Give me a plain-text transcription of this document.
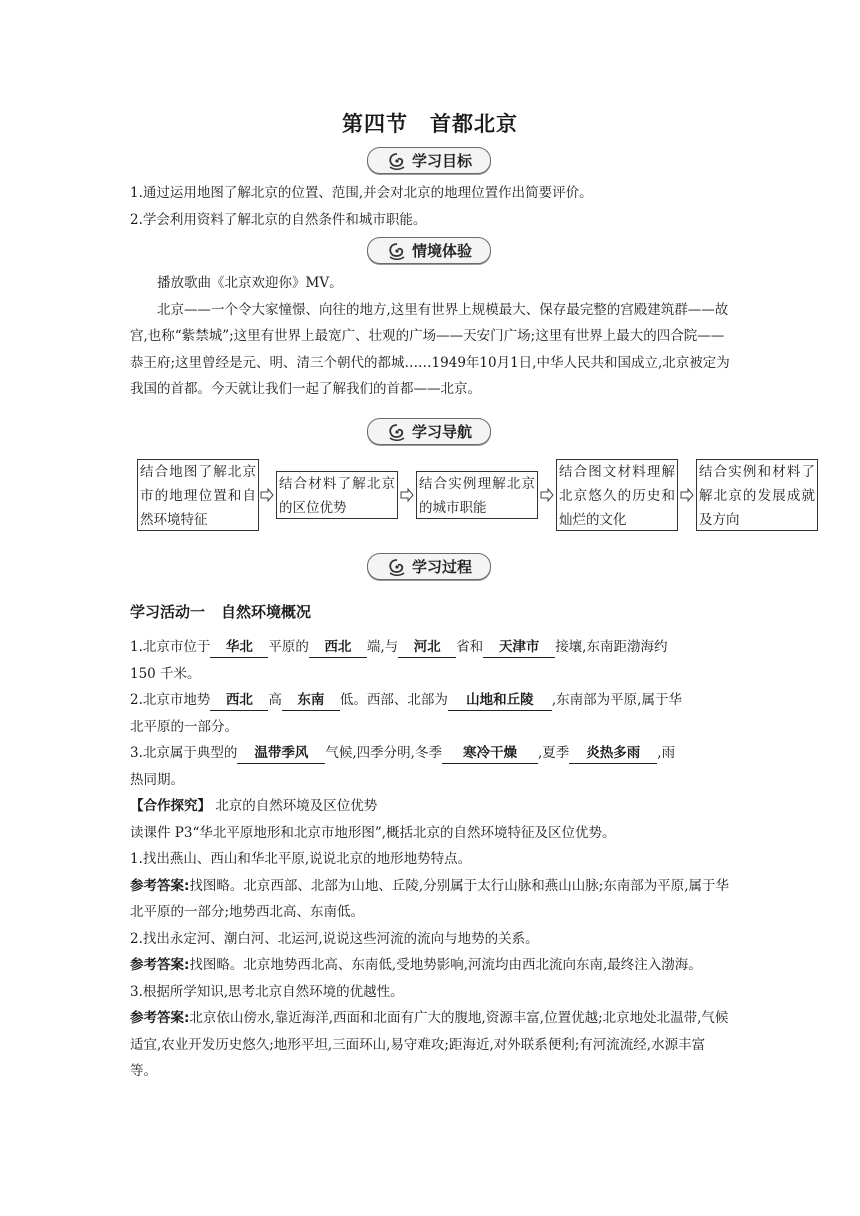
第四节 首都北京
学习目标

1.通过运用地图了解北京的位置、范围,并会对北京的地理位置作出简要评价。

2.学会利用资料了解北京的自然条件和城市职能。

情境体验

播放歌曲《北京欢迎你》MV。

北京——一个令大家憧憬、向往的地方,这里有世界上规模最大、保存最完整的宫殿建筑群——故宫,也称“紫禁城”;这里有世界上最宽广、壮观的广场——天安门广场;这里有世界上最大的四合院——恭王府;这里曾经是元、明、清三个朝代的都城……1949年10月1日,中华人民共和国成立,北京被定为我国的首都。今天就让我们一起了解我们的首都——北京。

学习导航
结合地图了解北京市的地理位置和自然环境特征
结合材料了解北京的区位优势
结合实例理解北京的城市职能
结合图文材料理解北京悠久的历史和灿烂的文化
结合实例和材料了解北京的发展成就及方向
学习过程
学习活动一 自然环境概况

1.北京市位于 华北 平原的 西北 端,与 河北 省和 天津市 接壤,东南距渤海约
150 千米。

2.北京市地势 西北 高 东南 低。西部、北部为 山地和丘陵 ,东南部为平原,属于华
北平原的一部分。

3.北京属于典型的 温带季风 气候,四季分明,冬季 寒冷干燥 ,夏季 炎热多雨 ,雨
热同期。

【合作探究】 北京的自然环境及区位优势

读课件 P3“华北平原地形和北京市地形图”,概括北京的自然环境特征及区位优势。

1.找出燕山、西山和华北平原,说说北京的地形地势特点。

参考答案:找图略。北京西部、北部为山地、丘陵,分别属于太行山脉和燕山山脉;东南部为平原,属于华北平原的一部分;地势西北高、东南低。

2.找出永定河、潮白河、北运河,说说这些河流的流向与地势的关系。

参考答案:找图略。北京地势西北高、东南低,受地势影响,河流均由西北流向东南,最终注入渤海。

3.根据所学知识,思考北京自然环境的优越性。

参考答案:北京依山傍水,靠近海洋,西面和北面有广大的腹地,资源丰富,位置优越;北京地处北温带,气候适宜,农业开发历史悠久;地形平坦,三面环山,易守难攻;距海近,对外联系便利;有河流流经,水源丰富等。
